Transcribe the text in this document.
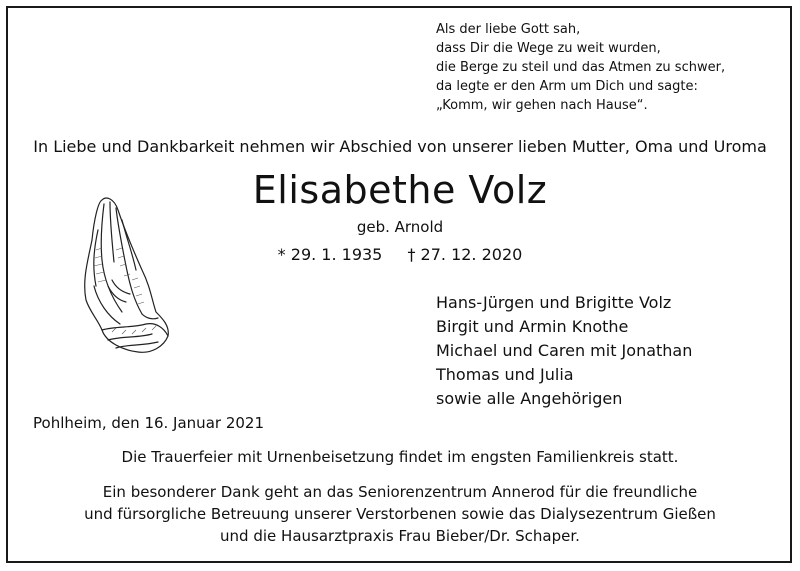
Als der liebe Gott sah,
dass Dir die Wege zu weit wurden,
die Berge zu steil und das Atmen zu schwer,
da legte er den Arm um Dich und sagte:
„Komm, wir gehen nach Hause“.
In Liebe und Dankbarkeit nehmen wir Abschied von unserer lieben Mutter, Oma und Uroma
Elisabethe Volz
geb. Arnold
* 29. 1. 1935 † 27. 12. 2020
Hans-Jürgen und Brigitte Volz
Birgit und Armin Knothe
Michael und Caren mit Jonathan
Thomas und Julia
sowie alle Angehörigen
Pohlheim, den 16. Januar 2021
Die Trauerfeier mit Urnenbeisetzung findet im engsten Familienkreis statt.
Ein besonderer Dank geht an das Seniorenzentrum Annerod für die freundliche
und fürsorgliche Betreuung unserer Verstorbenen sowie das Dialysezentrum Gießen
und die Hausarztpraxis Frau Bieber/Dr. Schaper.
